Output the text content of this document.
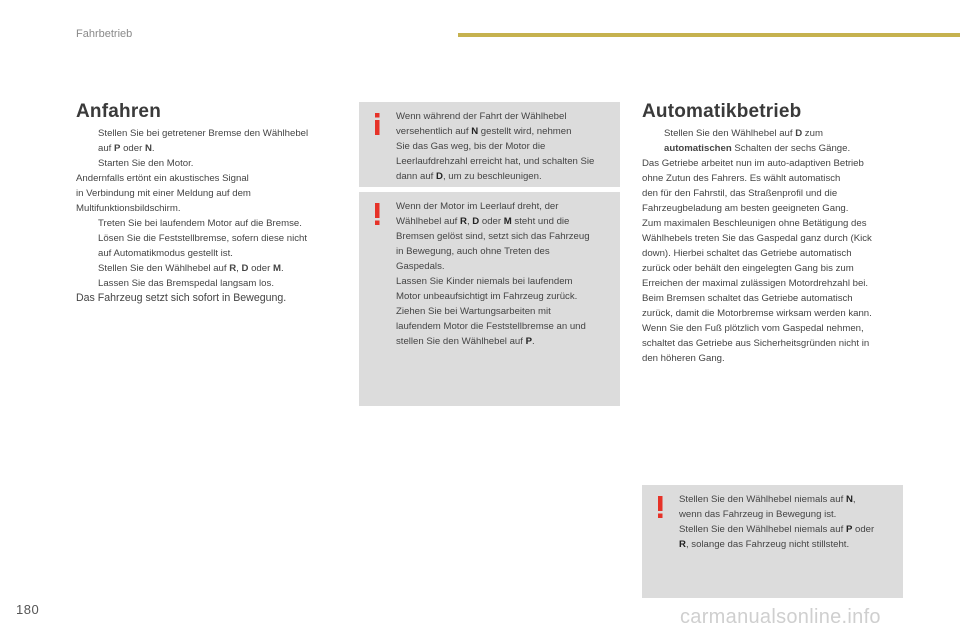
Fahrbetrieb
Anfahren
Stellen Sie bei getretener Bremse den Wählhebel
auf P oder N.
Starten Sie den Motor.
Andernfalls ertönt ein akustisches Signal
in Verbindung mit einer Meldung auf dem
Multifunktionsbildschirm.
Treten Sie bei laufendem Motor auf die Bremse.
Lösen Sie die Feststellbremse, sofern diese nicht
auf Automatikmodus gestellt ist.
Stellen Sie den Wählhebel auf R, D oder M.
Lassen Sie das Bremspedal langsam los.
Das Fahrzeug setzt sich sofort in Bewegung.
Wenn während der Fahrt der Wählhebel
versehentlich auf N gestellt wird, nehmen
Sie das Gas weg, bis der Motor die
Leerlaufdrehzahl erreicht hat, und schalten Sie
dann auf D, um zu beschleunigen.
Wenn der Motor im Leerlauf dreht, der
Wählhebel auf R, D oder M steht und die
Bremsen gelöst sind, setzt sich das Fahrzeug
in Bewegung, auch ohne Treten des
Gaspedals.
Lassen Sie Kinder niemals bei laufendem
Motor unbeaufsichtigt im Fahrzeug zurück.
Ziehen Sie bei Wartungsarbeiten mit
laufendem Motor die Feststellbremse an und
stellen Sie den Wählhebel auf P.
Automatikbetrieb
Stellen Sie den Wählhebel auf D zum
automatischen Schalten der sechs Gänge.
Das Getriebe arbeitet nun im auto-adaptiven Betrieb
ohne Zutun des Fahrers. Es wählt automatisch
den für den Fahrstil, das Straßenprofil und die
Fahrzeugbeladung am besten geeigneten Gang.
Zum maximalen Beschleunigen ohne Betätigung des
Wählhebels treten Sie das Gaspedal ganz durch (Kick
down). Hierbei schaltet das Getriebe automatisch
zurück oder behält den eingelegten Gang bis zum
Erreichen der maximal zulässigen Motordrehzahl bei.
Beim Bremsen schaltet das Getriebe automatisch
zurück, damit die Motorbremse wirksam werden kann.
Wenn Sie den Fuß plötzlich vom Gaspedal nehmen,
schaltet das Getriebe aus Sicherheitsgründen nicht in
den höheren Gang.
Stellen Sie den Wählhebel niemals auf N,
wenn das Fahrzeug in Bewegung ist.
Stellen Sie den Wählhebel niemals auf P oder
R, solange das Fahrzeug nicht stillsteht.
180	carmanualsonline.info
